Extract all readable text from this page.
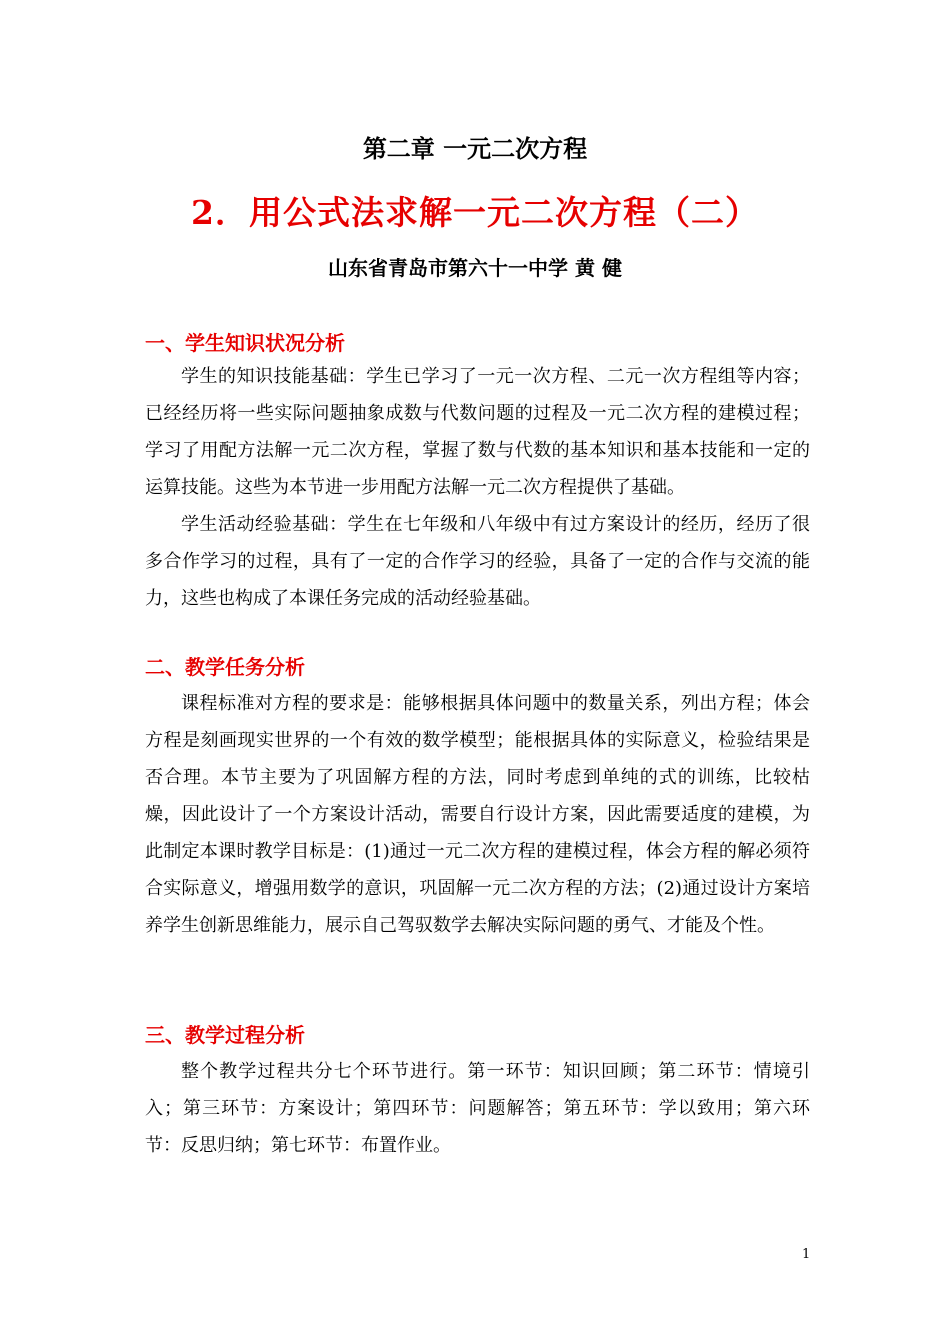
第二章 一元二次方程
2．用公式法求解一元二次方程（二）
山东省青岛市第六十一中学 黄 健
一、学生知识状况分析

学生的知识技能基础：学生已学习了一元一次方程、二元一次方程组等内容；已经经历将一些实际问题抽象成数与代数问题的过程及一元二次方程的建模过程；学习了用配方法解一元二次方程，掌握了数与代数的基本知识和基本技能和一定的运算技能。这些为本节进一步用配方法解一元二次方程提供了基础。

学生活动经验基础：学生在七年级和八年级中有过方案设计的经历，经历了很多合作学习的过程，具有了一定的合作学习的经验，具备了一定的合作与交流的能力，这些也构成了本课任务完成的活动经验基础。

二、教学任务分析

课程标准对方程的要求是：能够根据具体问题中的数量关系，列出方程；体会方程是刻画现实世界的一个有效的数学模型；能根据具体的实际意义，检验结果是否合理。本节主要为了巩固解方程的方法，同时考虑到单纯的式的训练，比较枯燥，因此设计了一个方案设计活动，需要自行设计方案，因此需要适度的建模，为此制定本课时教学目标是：(1)通过一元二次方程的建模过程，体会方程的解必须符合实际意义，增强用数学的意识，巩固解一元二次方程的方法；(2)通过设计方案培养学生创新思维能力，展示自己驾驭数学去解决实际问题的勇气、才能及个性。

三、教学过程分析

整个教学过程共分七个环节进行。第一环节：知识回顾；第二环节：情境引入；第三环节：方案设计；第四环节：问题解答；第五环节：学以致用；第六环节：反思归纳；第七环节：布置作业。

1
